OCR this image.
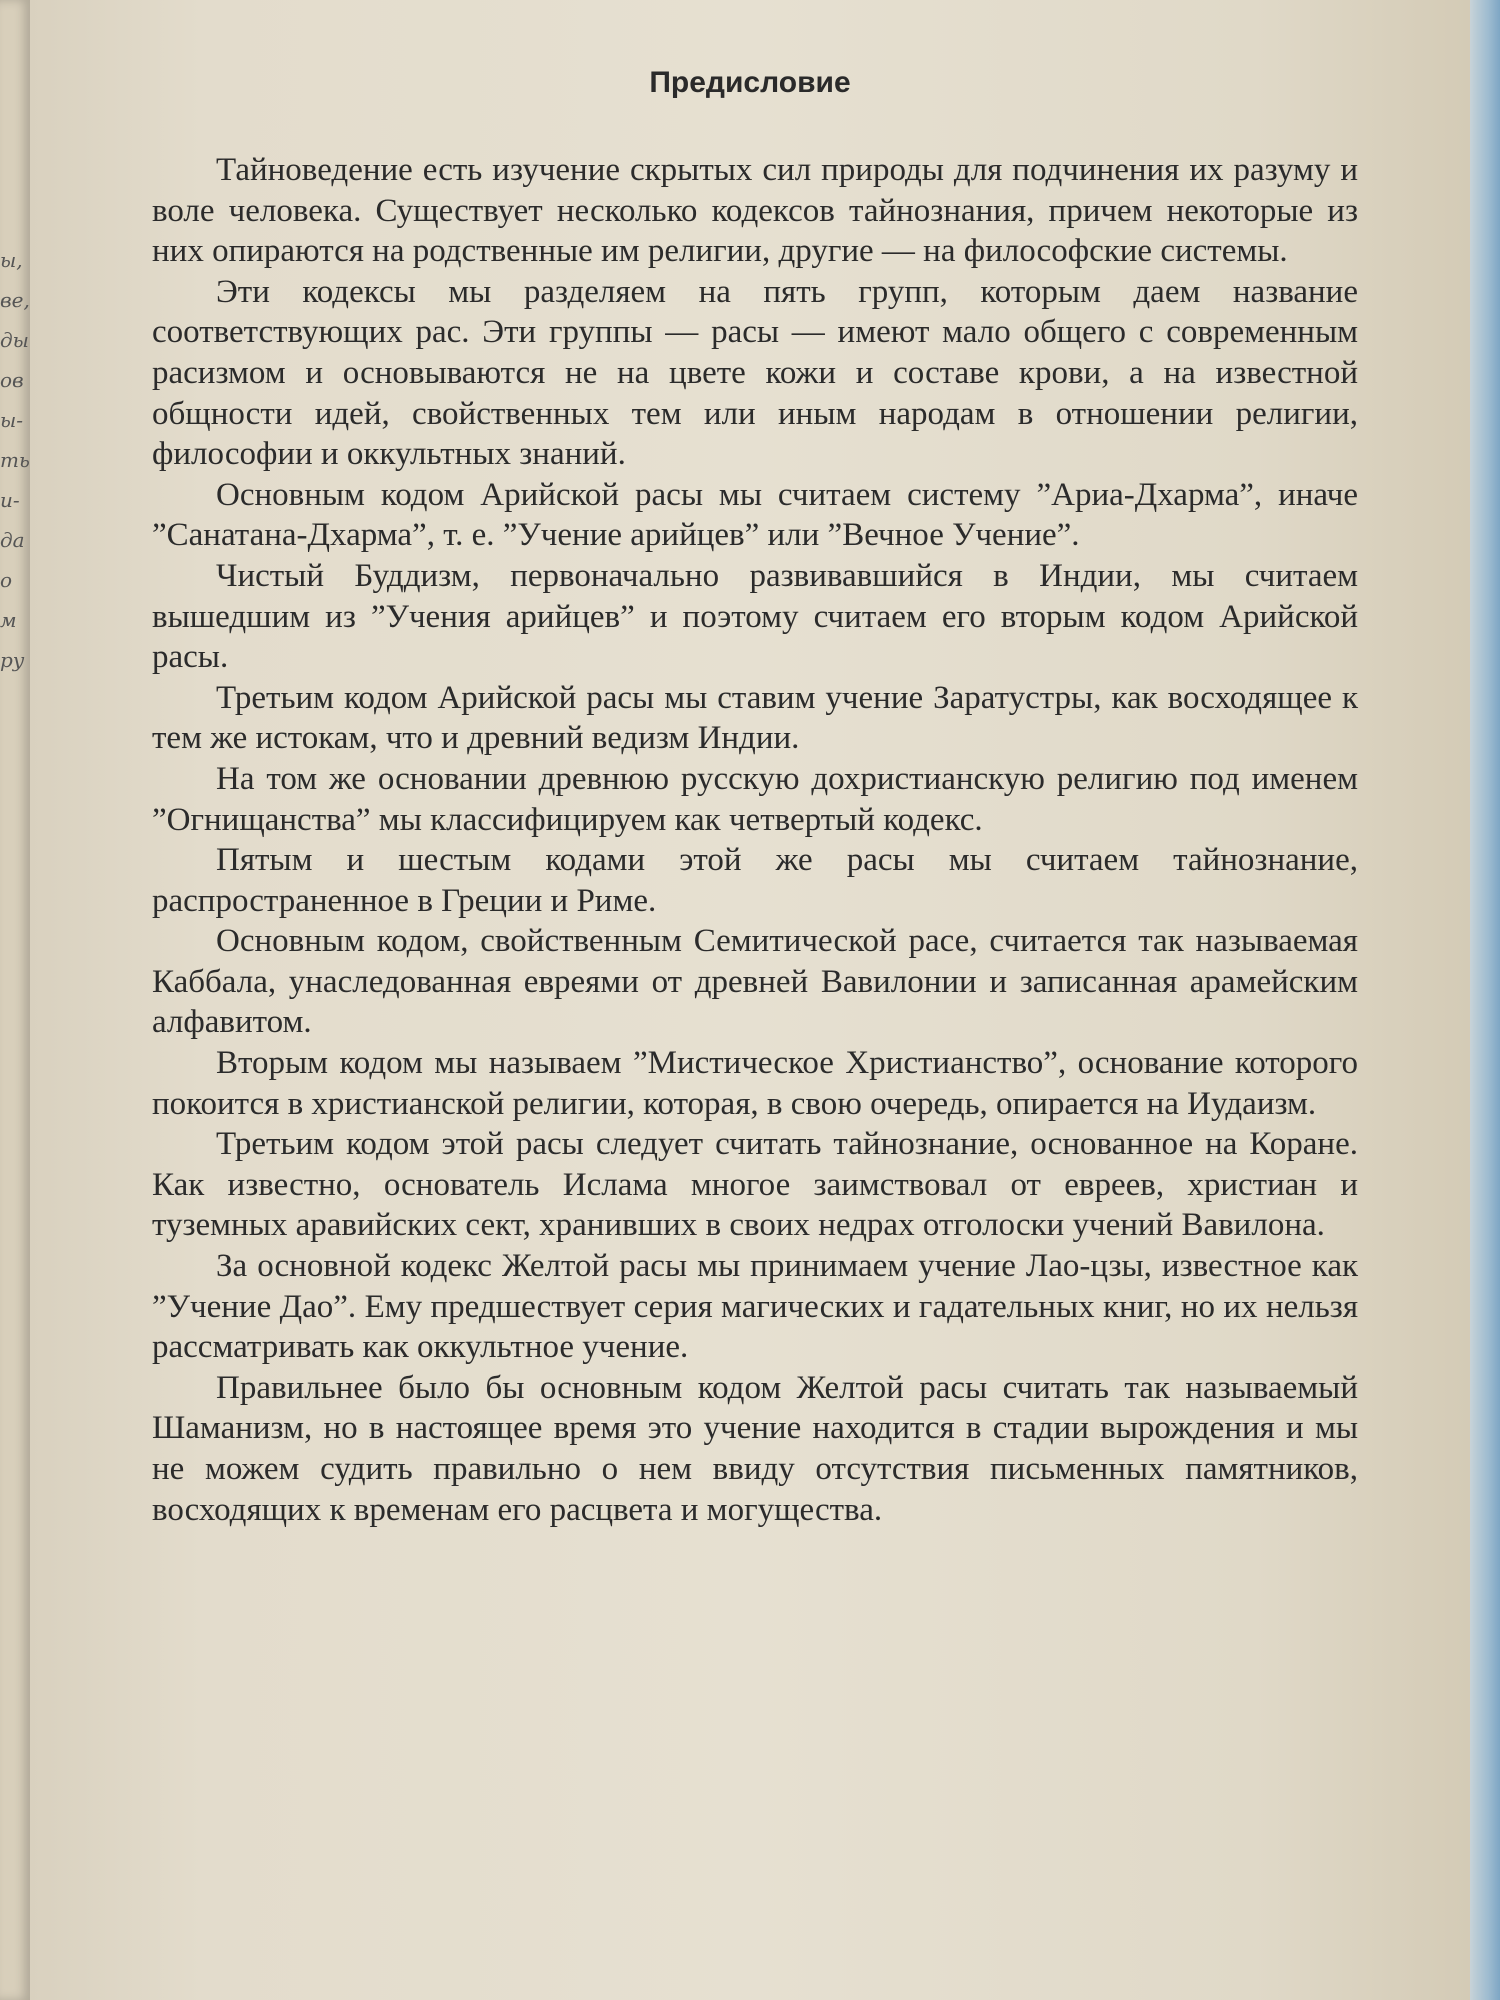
ы,
ве,
ды
ов
ы-
ть
и-
да
о
м
ру
Предисловие

Тайноведение есть изучение скрытых сил природы для подчинения их разуму и воле человека. Существует несколько кодексов тайнознания, причем некоторые из них опираются на родственные им религии, другие — на философские системы.

Эти кодексы мы разделяем на пять групп, которым даем название соответствующих рас. Эти группы — расы — имеют мало общего с современным расизмом и основываются не на цвете кожи и составе крови, а на известной общности идей, свойственных тем или иным народам в отношении религии, философии и оккультных знаний.

Основным кодом Арийской расы мы считаем систему ”Ариа-Дхарма”, иначе ”Санатана-Дхарма”, т. е. ”Учение арийцев” или ”Вечное Учение”.

Чистый Буддизм, первоначально развивавшийся в Индии, мы считаем вышедшим из ”Учения арийцев” и поэтому считаем его вторым кодом Арийской расы.

Третьим кодом Арийской расы мы ставим учение Заратустры, как восходящее к тем же истокам, что и древний ведизм Индии.

На том же основании древнюю русскую дохристианскую религию под именем ”Огнищанства” мы классифицируем как четвертый кодекс.

Пятым и шестым кодами этой же расы мы считаем тайнознание, распространенное в Греции и Риме.

Основным кодом, свойственным Семитической расе, считается так называемая Каббала, унаследованная евреями от древней Вавилонии и записанная арамейским алфавитом.

Вторым кодом мы называем ”Мистическое Христианство”, основание которого покоится в христианской религии, которая, в свою очередь, опирается на Иудаизм.

Третьим кодом этой расы следует считать тайнознание, основанное на Коране. Как известно, основатель Ислама многое заимствовал от евреев, христиан и туземных аравийских сект, хранивших в своих недрах отголоски учений Вавилона.

За основной кодекс Желтой расы мы принимаем учение Лао-цзы, известное как ”Учение Дао”. Ему предшествует серия магических и гадательных книг, но их нельзя рассматривать как оккультное учение.

Правильнее было бы основным кодом Желтой расы считать так называемый Шаманизм, но в настоящее время это учение находится в стадии вырождения и мы не можем судить правильно о нем ввиду отсутствия письменных памятников, восходящих к временам его расцвета и могущества.
